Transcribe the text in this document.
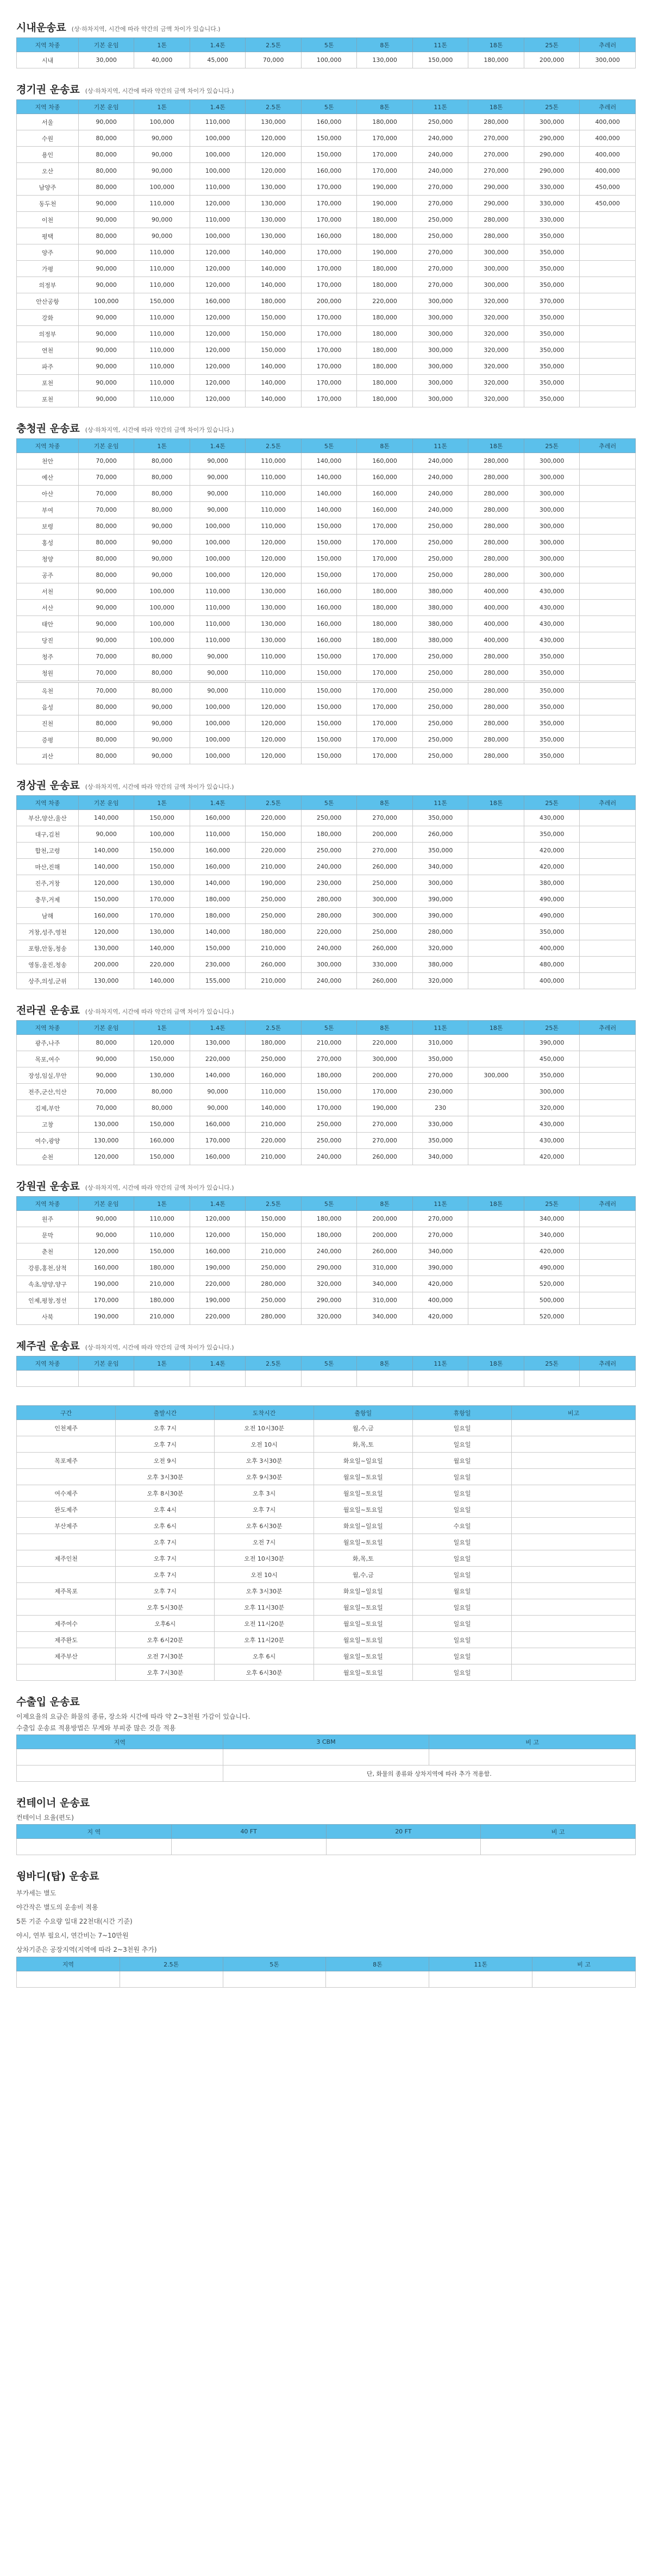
시내운송료 (상·하차지역, 시간에 따라 약간의 금액 차이가 있습니다.)
지역 차종	기본 운임	1톤	1.4톤	2.5톤	5톤	8톤	11톤	18톤	25톤	추레러
시내	30,000	40,000	45,000	70,000	100,000	130,000	150,000	180,000	200,000	300,000
경기권 운송료 (상·하차지역, 시간에 따라 약간의 금액 차이가 있습니다.)
지역 차종	기본 운임	1톤	1.4톤	2.5톤	5톤	8톤	11톤	18톤	25톤	추레러
서울	90,000	100,000	110,000	130,000	160,000	180,000	250,000	280,000	300,000	400,000
수원	80,000	90,000	100,000	120,000	150,000	170,000	240,000	270,000	290,000	400,000
용인	80,000	90,000	100,000	120,000	150,000	170,000	240,000	270,000	290,000	400,000
오산	80,000	90,000	100,000	120,000	160,000	170,000	240,000	270,000	290,000	400,000
남양주	80,000	100,000	110,000	130,000	170,000	190,000	270,000	290,000	330,000	450,000
동두천	90,000	110,000	120,000	130,000	170,000	190,000	270,000	290,000	330,000	450,000
이천	90,000	90,000	110,000	130,000	170,000	180,000	250,000	280,000	330,000	
평택	80,000	90,000	100,000	130,000	160,000	180,000	250,000	280,000	350,000	
양주	90,000	110,000	120,000	140,000	170,000	190,000	270,000	300,000	350,000	
가평	90,000	110,000	120,000	140,000	170,000	180,000	270,000	300,000	350,000	
의정부	90,000	110,000	120,000	140,000	170,000	180,000	270,000	300,000	350,000	
안산공항	100,000	150,000	160,000	180,000	200,000	220,000	300,000	320,000	370,000	
강화	90,000	110,000	120,000	150,000	170,000	180,000	300,000	320,000	350,000	
의정부	90,000	110,000	120,000	150,000	170,000	180,000	300,000	320,000	350,000	
연천	90,000	110,000	120,000	150,000	170,000	180,000	300,000	320,000	350,000	
파주	90,000	110,000	120,000	140,000	170,000	180,000	300,000	320,000	350,000	
포천	90,000	110,000	120,000	140,000	170,000	180,000	300,000	320,000	350,000	
포천	90,000	110,000	120,000	140,000	170,000	180,000	300,000	320,000	350,000	
충청권 운송료 (상·하차지역, 시간에 따라 약간의 금액 차이가 있습니다.)
지역 차종	기본 운임	1톤	1.4톤	2.5톤	5톤	8톤	11톤	18톤	25톤	추레러
천안	70,000	80,000	90,000	110,000	140,000	160,000	240,000	280,000	300,000	
예산	70,000	80,000	90,000	110,000	140,000	160,000	240,000	280,000	300,000	
아산	70,000	80,000	90,000	110,000	140,000	160,000	240,000	280,000	300,000	
부여	70,000	80,000	90,000	110,000	140,000	160,000	240,000	280,000	300,000	
보령	80,000	90,000	100,000	110,000	150,000	170,000	250,000	280,000	300,000	
홍성	80,000	90,000	100,000	120,000	150,000	170,000	250,000	280,000	300,000	
청양	80,000	90,000	100,000	120,000	150,000	170,000	250,000	280,000	300,000	
공주	80,000	90,000	100,000	120,000	150,000	170,000	250,000	280,000	300,000	
서천	90,000	100,000	110,000	130,000	160,000	180,000	380,000	400,000	430,000	
서산	90,000	100,000	110,000	130,000	160,000	180,000	380,000	400,000	430,000	
태안	90,000	100,000	110,000	130,000	160,000	180,000	380,000	400,000	430,000	
당진	90,000	100,000	110,000	130,000	160,000	180,000	380,000	400,000	430,000	
청주	70,000	80,000	90,000	110,000	150,000	170,000	250,000	280,000	350,000	
청원	70,000	80,000	90,000	110,000	150,000	170,000	250,000	280,000	350,000	
옥천	70,000	80,000	90,000	110,000	150,000	170,000	250,000	280,000	350,000	
음성	80,000	90,000	100,000	120,000	150,000	170,000	250,000	280,000	350,000	
진천	80,000	90,000	100,000	120,000	150,000	170,000	250,000	280,000	350,000	
증평	80,000	90,000	100,000	120,000	150,000	170,000	250,000	280,000	350,000	
괴산	80,000	90,000	100,000	120,000	150,000	170,000	250,000	280,000	350,000	
경상권 운송료 (상·하차지역, 시간에 따라 약간의 금액 차이가 있습니다.)
지역 차종	기본 운임	1톤	1.4톤	2.5톤	5톤	8톤	11톤	18톤	25톤	추레러
부산,양산,울산	140,000	150,000	160,000	220,000	250,000	270,000	350,000		430,000	
대구,김천	90,000	100,000	110,000	150,000	180,000	200,000	260,000		350,000	
합천,고령	140,000	150,000	160,000	220,000	250,000	270,000	350,000		420,000	
마산,진해	140,000	150,000	160,000	210,000	240,000	260,000	340,000		420,000	
진주,거창	120,000	130,000	140,000	190,000	230,000	250,000	300,000		380,000	
충무,거제	150,000	170,000	180,000	250,000	280,000	300,000	390,000		490,000	
남해	160,000	170,000	180,000	250,000	280,000	300,000	390,000		490,000	
거창,성주,영천	120,000	130,000	140,000	180,000	220,000	250,000	280,000		350,000	
포항,안동,청송	130,000	140,000	150,000	210,000	240,000	260,000	320,000		400,000	
영동,울진,청송	200,000	220,000	230,000	260,000	300,000	330,000	380,000		480,000	
상주,의성,군위	130,000	140,000	155,000	210,000	240,000	260,000	320,000		400,000	
전라권 운송료 (상·하차지역, 시간에 따라 약간의 금액 차이가 있습니다.)
지역 차종	기본 운임	1톤	1.4톤	2.5톤	5톤	8톤	11톤	18톤	25톤	추레러
광주,나주	80,000	120,000	130,000	180,000	210,000	220,000	310,000		390,000	
목포,여수	90,000	150,000	220,000	250,000	270,000	300,000	350,000		450,000	
장성,임실,무안	90,000	130,000	140,000	160,000	180,000	200,000	270,000	300,000	350,000	
전주,군산,익산	70,000	80,000	90,000	110,000	150,000	170,000	230,000		300,000	
김제,부안	70,000	80,000	90,000	140,000	170,000	190,000	230		320,000	
고창	130,000	150,000	160,000	210,000	250,000	270,000	330,000		430,000	
여수,광양	130,000	160,000	170,000	220,000	250,000	270,000	350,000		430,000	
순천	120,000	150,000	160,000	210,000	240,000	260,000	340,000		420,000	
강원권 운송료 (상·하차지역, 시간에 따라 약간의 금액 차이가 있습니다.)
지역 차종	기본 운임	1톤	1.4톤	2.5톤	5톤	8톤	11톤	18톤	25톤	추레러
원주	90,000	110,000	120,000	150,000	180,000	200,000	270,000		340,000	
문막	90,000	110,000	120,000	150,000	180,000	200,000	270,000		340,000	
춘천	120,000	150,000	160,000	210,000	240,000	260,000	340,000		420,000	
강릉,홍천,삼척	160,000	180,000	190,000	250,000	290,000	310,000	390,000		490,000	
속초,양양,양구	190,000	210,000	220,000	280,000	320,000	340,000	420,000		520,000	
인제,평창,정선	170,000	180,000	190,000	250,000	290,000	310,000	400,000		500,000	
사북	190,000	210,000	220,000	280,000	320,000	340,000	420,000		520,000	
제주권 운송료 (상·하차지역, 시간에 따라 약간의 금액 차이가 있습니다.)
지역 차종	기본 운임	1톤	1.4톤	2.5톤	5톤	8톤	11톤	18톤	25톤	추레러

구간	출발시간	도착시간	출항일	휴항일	비고
인천제주	오후 7시	오전 10시30분	월,수,금	일요일	
	오후 7시	오전 10시	화,목,토	일요일	
목포제주	오전 9시	오후 3시30분	화요일~일요일	월요일	
	오후 3시30분	오후 9시30분	월요일~토요일	일요일	
여수제주	오후 8시30분	오후 3시	월요일~토요일	일요일	
완도제주	오후 4시	오후 7시	월요일~토요일	일요일	
부산제주	오후 6시	오후 6시30분	화요일~일요일	수요일	
	오후 7시	오전 7시	월요일~토요일	일요일	
제주인천	오후 7시	오전 10시30분	화,목,토	일요일	
	오후 7시	오전 10시	월,수,금	일요일	
제주목포	오후 7시	오후 3시30분	화요일~일요일	월요일	
	오후 5시30분	오후 11시30분	월요일~토요일	일요일	
제주여수	오후6시	오전 11시20분	월요일~토요일	일요일	
제주완도	오후 6시20분	오후 11시20분	월요일~토요일	일요일	
제주부산	오전 7시30분	오후 6시	월요일~토요일	일요일	
	오후 7시30분	오후 6시30분	월요일~토요일	일요일	
수출입 운송료
이제요율의 요금은 화물의 종류, 장소와 시간에 따라 약 2~3천원 가감이 있습니다.
수출입 운송료 적용방법은 무게와 부피중 많은 것을 적용
지역	3 CBM	비 고

	단, 화물의 종류와 상차지역에 따라 추가 적용함.	
컨테이너 운송료
컨테이너 요율(편도)
지 역	40 FT	20 FT	비 고

윙바디(탑) 운송료
부가세는 별도
야간작은 별도의 운송비 적용
5톤 기준 수요량 일대 22천대(시간 기준)
야시, 연부 필요시, 연간비는 7~10만원
상차기준은 공장지역(지역에 따라 2~3천원 추가)
지역	2.5톤	5톤	8톤	11톤	비 고
